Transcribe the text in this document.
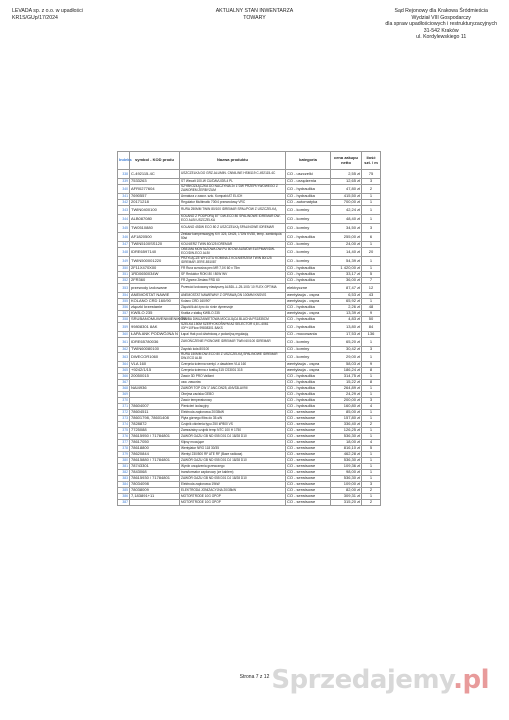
LEVADA sp. z o.o. w upadłości
KR1S/GUp/17/2024
AKTUALNY STAN INWENTARZA
TOWARY
Sąd Rejonowy dla Krakowa Śródmieścia
Wydział VIII Gospodarczy
dla spraw upadłościowych i restrukturyzacyjnych
31-542 Kraków
ul. Kordylewskiego 11
Indeks	symbol - KOD produ	Nazwa produktu	kategoria	cena zakupu netto	ilość szt. / m
338	C-492115-4C	USZCZELKA DO GRZ.ALUMIN. CNNILINE HSM119 C-492115-4C	CO - uszczelki	2,55 zł	75
339	7533263	ST Wecalt 100-W CU/DAVUGB-4 PL	CO - urządzenia	12,65 zł	3
340	AFR0277604	SZYBKOZŁĄCZKA DO NACZYNIA 2x 1"DW PRZEPŁYWOWEGO Z ZAWOREM ZERBYZUM	CO - hydraulika	47,80 zł	2
341	7690557	Armatura z zawor. sztc. Kompakt AT ELICH	CO - hydraulika	415,50 zł	1
342	20171218	Regulator Multimatic 700/4 przewodowy VRC	CO - automatyka	700,00 zł	1
343	TWIN0400100	RURA 250MM TWIN 80/100 IDREMAR SPAL/POW Z USZCZELKĄ	CO - kominy	42,24 zł	1
344	ALB087080	KOLANO Z PODPORĄ 87° DW-ECO 80 SPALINOWE IDREMAR DW-ECO ALBI USZCZELKA	CO - kominy	48,40 zł	1
345	TW0510880	KOLANO 45DW ECO 80 Z USZCZELKĄ SPALINOWE IDREMAR	CO - kominy	34,50 zł	3
346	AF1820500	Zestaw kompensacyjny K/V 325, DN25, 1"DW KV58, temp. zamknięcia 50st	CO - hydraulika	255,00 zł	6
347	TWIN5100SS120	KOLNIERZ TWIN 80/125 IDREMAR	CO - kominy	24,00 zł	1
348	IDRE6597140	OBEJMA MONTAŻOWA DW-PU 80 DW-ALBI/DW ELEPMAR/DW-ECO/DW-ECO ALBI	CO - kominy	14,40 zł	20
349	TWIN500001220	PRZYŁĄCZE WYLOTU KOMINA Z KOLNIERZEM TWIN 80/125 IDREMAR JERE-851087	CO - kominy	54,39 zł	1
350	2F11X470X00	FR Rura wznośna pex MR 7,0X 60 x 75m	CO - hydraulika	1 420,00 zł	1
351	1RD0650034W	SF Reduktor ROKI 80 / 80W WV	CO - hydraulika	33,17 zł	5
352	2FR360	FR Zgrzew Zestaw FRD 60	CO - hydraulika	36,00 zł	7
353	przewody izolowane	Przewód izolowany elastyczny ALBDL-L-25-10G/ 10 FLEX OPTIMA	elektryczne	87,47 zł	12
354	ANEMOSTAT NAWIE	ANEMOSTAT NAWIEWNY Z OPRAWĄ DN 100MM KNSVIS	wentylacja - ospra	6,53 zł	43
355	KOLANO CRD 160/90	Kolano CRD 160/90°	wentylacja - ospra	65,92 zł	1
356	złączki krzestanie	Złączki/Łuki żyro do rónie dymenzcje	CO - hydraulika	2,26 zł	48
357	KWB-O 235	Kratka z siatką KWB-O 235	wentylacja - ospra	13,39 zł	9
358	SRUBANOMUWENMIENIKOW	ŚRUBA DWUZAWIETOWA MOCUJĄCA BLACHA PS1835CM	CO - hydraulika	4,83 zł	50
359	99808301 8AK	SZELKA 150M SZERYOKOŚNYM A2 SELECTOR 4,8 L-4061 IOP+10Flow 99808301 8AKS	CO - hydraulika	13,80 zł	84
360	ŁAPA ANK PODWÓJNA N	Łapa/ Hak pod dźwiniową z podwójną regulacją	CO - mocowania	17,53 zł	136
361	IDRE65780036	ZAKOŃCZENIE PIONOWE IDREMAR TWIN 60/100 IDREMAR	CO - kominy	65,20 zł	1
362	TWIN60080100	Zaycisk koła 80/100	CO - kominy	30,42 zł	3
363	DWECOR1060	RURA 150MM DW-ECO 80 Z USZCZELKĄ SPALINOWE IDREMAR DW-ECO ALBI	CO - kominy	29,00 zł	1
364	VLA 160	Czerpnia ścienna wentyl. z daszkiem VLA 160	wentylacja - ospra	58,03 zł	9
365	+9242/1/15	Czerpnia ścienna z kratką 315 CS3001 315	wentylacja - ospra	186,24 zł	8
366	20050015	Zawór 3D PRO Vaillant	CO - hydraulika	314,75 zł	1
367		osw. zaworów	CO - hydraulika	15,22 zł	8
368	NAI4936	ZAWÓR TOP CW 1" ANC.DN25, ANV33LAV9II	CO - hydraulika	264,89 zł	1
369		Obejma zaciska GEBO	CO - hydraulika	24,29 zł	1
370		Zawór temperaturowy	CO - hydraulika	200,00 zł	3
371	78604007	Pierścień izolacyjny	CO - hydraulika	160,80 zł	4
372	78604511	Elektroda zapłonowa 20/35kW	CO - serwisowe	85,00 zł	1
373	78601798, 78601408	Płyta górnego filtra do 35-sW	CO - serwisowe	157,80 zł	1
374	7828872	Czujnik ciśnienia typu 250 kP800 VS	CO - serwisowe	336,40 zł	2
375	7725088	Zamrażalny czujnik temp NTC 100 H 1750	CO - serwisowe	126,25 zł	1
376	78615950 / 71784801	ZAWÓR GAZU GB ND 055 D01 DJ 18/28 D10	CO - serwisowe	536,30 zł	1
377	78617050	Klipsy mocujące	CO - serwisowe	18,00 zł	4
378	78618800	Wentylator NRG 118 30/35	CO - serwisowe	816,10 zł	5
379	78620844	Wentyl 230/500 RF ATE RF (Baze radiowa)	CO - serwisowe	462,28 zł	1
380	78615880 / 71784801	ZAWÓR GAZU GB ND 055 D01 DJ 18/28 D10	CO - serwisowe	536,30 zł	1
381	78743301	Wyrób urządzenia grzewczego	CO - serwisowe	109,36 zł	1
382	7843068	transformator zapłonowy (ze kablem)	CO - serwisowe	98,00 zł	1
383	78615930 / 71784801	ZAWÓR GAZU GB ND 055 D01 DJ 18/28 D10	CO - serwisowe	536,30 zł	1
384	78034098	Elektroda zapłonowa 19kW	CO - serwisowe	109,00 zł	3
385	78038009	ELEKTRODA JONIZACYJNA 20/35kW	CO - serwisowe	82,00 zł	2
386	7,183891+11	MOTORTRODE 10G OPOP	CO - serwisowe	309,31 zł	1
387		MOTORTRODE 10G OPOP	CO - serwisowe	315,20 zł	2
Strona 7 z 12 Sprzedajemy.pl
